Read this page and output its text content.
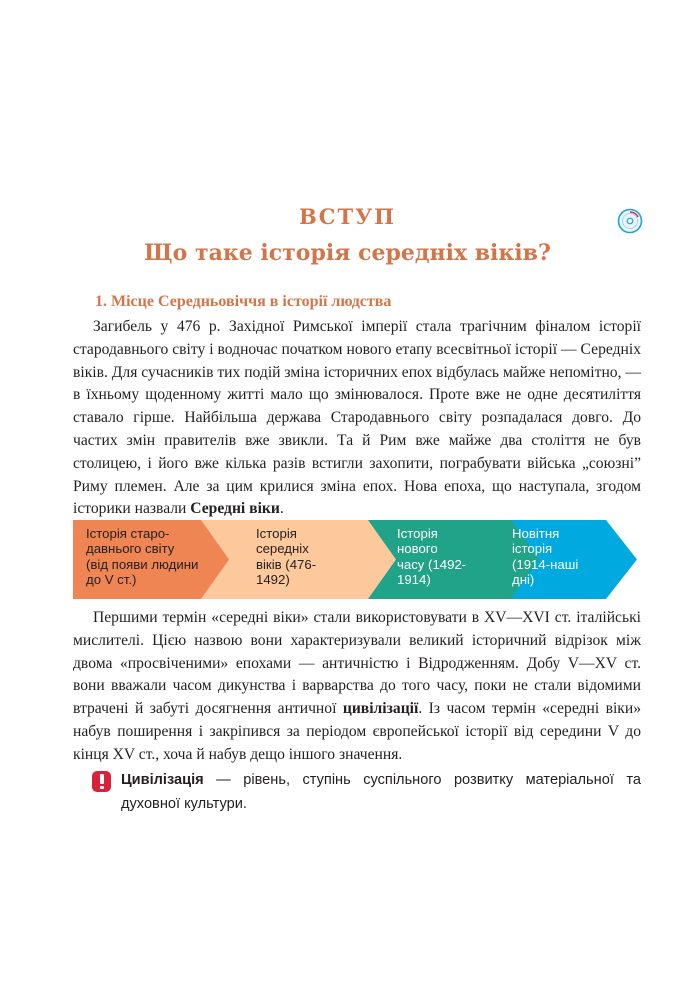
ВСТУП
Що таке історія середніх віків?
1. Місце Середньовіччя в історії людства

Загибель у 476 р. Західної Римської імперії стала трагічним фіналом історії стародавнього світу і водночас початком нового етапу всесвітньої історії — Середніх віків. Для сучасників тих подій зміна історичних епох відбулась майже непомітно, — в їхньому щоденному житті мало що змінювалося. Проте вже не одне десятиліття ставало гірше. Найбільша держава Стародавнього світу розпадалася довго. До частих змін правителів вже звикли. Та й Рим вже майже два століття не був столицею, і його вже кілька разів встигли захопити, пограбувати війська „союзні” Риму племен. Але за цим крилися зміна епох. Нова епоха, що наступала, згодом історики назвали Середні віки.

Історія старо-
давнього світу
(від появи людини
до V ст.)
Історія
середніх
віків (476-
1492)
Історія
нового
часу (1492-
1914)
Новітня
історія
(1914-наші
дні)

Першими термін «середні віки» стали використовувати в XV—XVI ст. італійські мислителі. Цією назвою вони характеризували великий історичний відрізок між двома «просвіченими» епохами — античністю і Відродженням. Добу V—XV ст. вони вважали часом дикунства і варварства до того часу, поки не стали відомими втрачені й забуті досягнення античної цивілізації. Із часом термін «середні віки» набув поширення і закріпився за періодом європейської історії від середини V до кінця XV ст., хоча й набув дещо іншого значення.

Цивілізація — рівень, ступінь суспільного розвитку матеріальної та духовної культури.
